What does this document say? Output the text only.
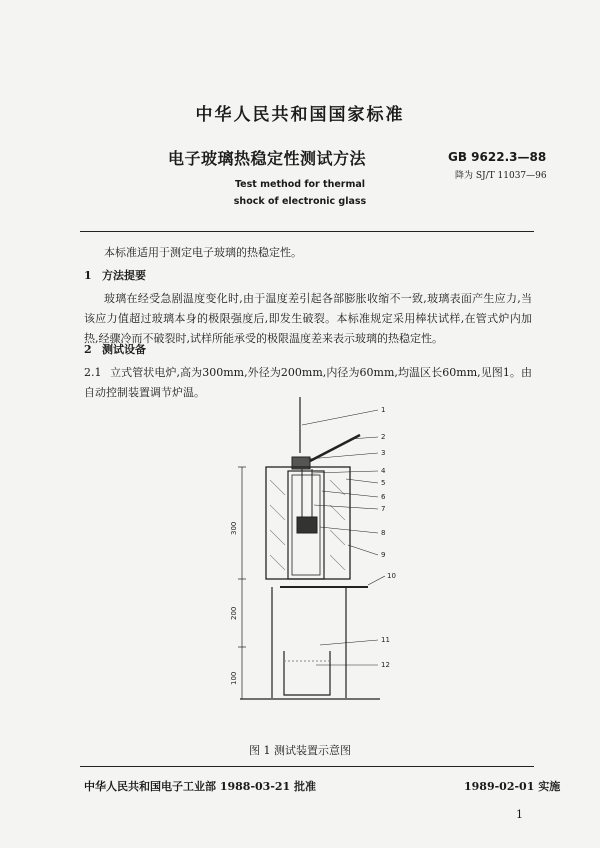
中华人民共和国国家标准
电子玻璃热稳定性测试方法	GB 9622.3—88
降为 SJ/T 11037—96
Test method for thermal
shock of electronic glass
本标准适用于测定电子玻璃的热稳定性。
1 方法提要
玻璃在经受急剧温度变化时,由于温度差引起各部膨胀收缩不一致,玻璃表面产生应力,当该应力值超过玻璃本身的极限强度后,即发生破裂。本标准规定采用棒状试样,在管式炉内加热,经骤冷而不破裂时,试样所能承受的极限温度差来表示玻璃的热稳定性。
2 测试设备
2.1 立式管状电炉,高为300mm,外径为200mm,内径为60mm,均温区长60mm,见图1。由自动控制装置调节炉温。
1
2
3
4
5
6
7
8
9
10
11
12
300
200
100
图 1 测试装置示意图
中华人民共和国电子工业部 1988-03-21 批准	1989-02-01 实施
1
